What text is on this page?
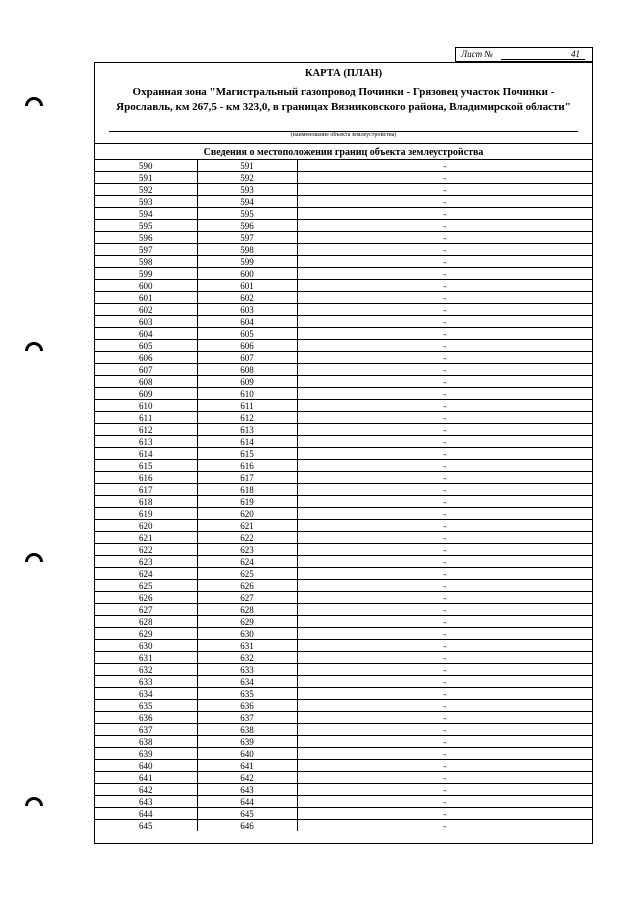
Лист №	41
КАРТА (ПЛАН)
Охранная зона "Магистральный газопровод Починки - Грязовец участок Починки - Ярославль, км 267,5 - км 323,0, в границах Вязниковского района, Владимирской области"
(наименование объекта землеустройства)
Сведения о местоположении границ объекта землеустройства
590	591	-
591	592	-
592	593	-
593	594	-
594	595	-
595	596	-
596	597	-
597	598	-
598	599	-
599	600	-
600	601	-
601	602	-
602	603	-
603	604	-
604	605	-
605	606	-
606	607	-
607	608	-
608	609	-
609	610	-
610	611	-
611	612	-
612	613	-
613	614	-
614	615	-
615	616	-
616	617	-
617	618	-
618	619	-
619	620	-
620	621	-
621	622	-
622	623	-
623	624	-
624	625	-
625	626	-
626	627	-
627	628	-
628	629	-
629	630	-
630	631	-
631	632	-
632	633	-
633	634	-
634	635	-
635	636	-
636	637	-
637	638	-
638	639	-
639	640	-
640	641	-
641	642	-
642	643	-
643	644	-
644	645	-
645	646	-
